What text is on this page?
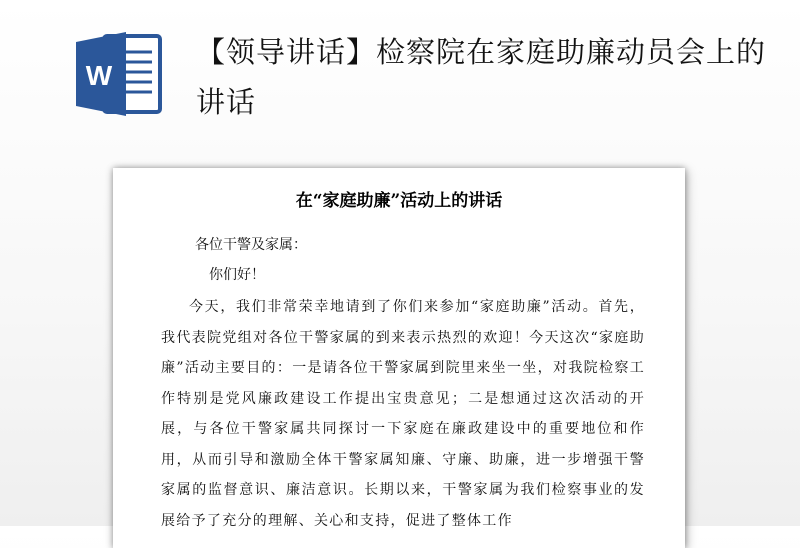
W
【领导讲话】检察院在家庭助廉动员会上的讲话
在“家庭助廉”活动上的讲话
各位干警及家属：
你们好！
今天，我们非常荣幸地请到了你们来参加“家庭助廉”活动。首先，我代表院党组对各位干警家属的到来表示热烈的欢迎！今天这次“家庭助廉”活动主要目的：一是请各位干警家属到院里来坐一坐，对我院检察工作特别是党风廉政建设工作提出宝贵意见；二是想通过这次活动的开展，与各位干警家属共同探讨一下家庭在廉政建设中的重要地位和作用，从而引导和激励全体干警家属知廉、守廉、助廉，进一步增强干警家属的监督意识、廉洁意识。长期以来，干警家属为我们检察事业的发展给予了充分的理解、关心和支持，促进了整体工作
